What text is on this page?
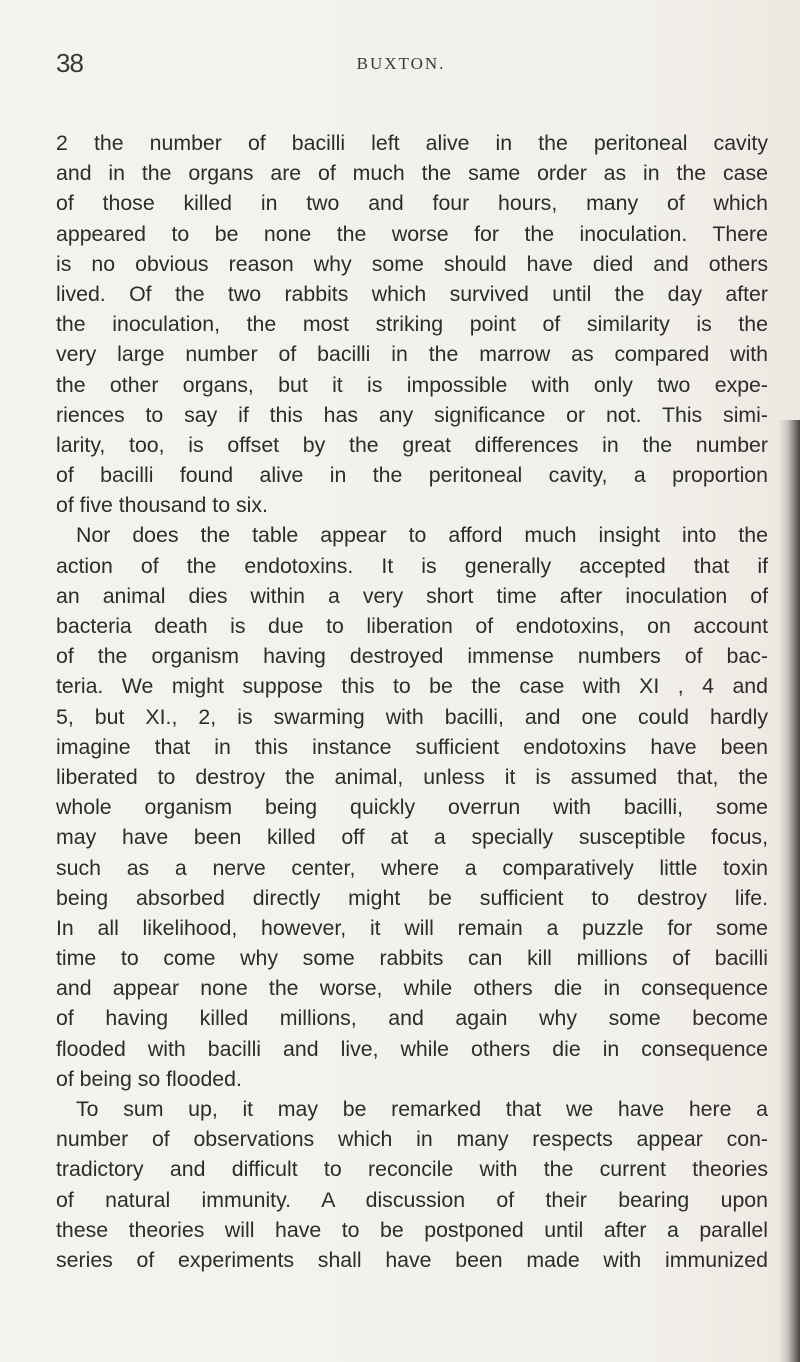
38	BUXTON.
2 the number of bacilli left alive in the peritoneal cavity
and in the organs are of much the same order as in the case
of those killed in two and four hours, many of which
appeared to be none the worse for the inoculation. There
is no obvious reason why some should have died and others
lived. Of the two rabbits which survived until the day after
the inoculation, the most striking point of similarity is the
very large number of bacilli in the marrow as compared with
the other organs, but it is impossible with only two expe-
riences to say if this has any significance or not. This simi-
larity, too, is offset by the great differences in the number
of bacilli found alive in the peritoneal cavity, a proportion
of five thousand to six.
Nor does the table appear to afford much insight into the
action of the endotoxins. It is generally accepted that if
an animal dies within a very short time after inoculation of
bacteria death is due to liberation of endotoxins, on account
of the organism having destroyed immense numbers of bac-
teria. We might suppose this to be the case with XI , 4 and
5, but XI., 2, is swarming with bacilli, and one could hardly
imagine that in this instance sufficient endotoxins have been
liberated to destroy the animal, unless it is assumed that, the
whole organism being quickly overrun with bacilli, some
may have been killed off at a specially susceptible focus,
such as a nerve center, where a comparatively little toxin
being absorbed directly might be sufficient to destroy life.
In all likelihood, however, it will remain a puzzle for some
time to come why some rabbits can kill millions of bacilli
and appear none the worse, while others die in consequence
of having killed millions, and again why some become
flooded with bacilli and live, while others die in consequence
of being so flooded.
To sum up, it may be remarked that we have here a
number of observations which in many respects appear con-
tradictory and difficult to reconcile with the current theories
of natural immunity. A discussion of their bearing upon
these theories will have to be postponed until after a parallel
series of experiments shall have been made with immunized
